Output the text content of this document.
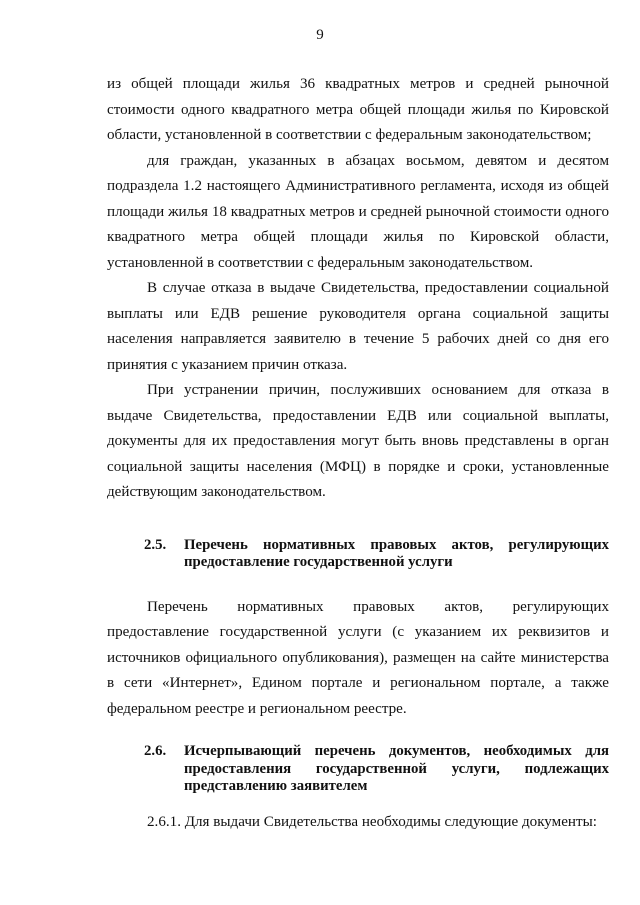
9

из общей площади жилья 36 квадратных метров и средней рыночной стоимости одного квадратного метра общей площади жилья по Кировской области, установленной в соответствии с федеральным законодательством;

для граждан, указанных в абзацах восьмом, девятом и десятом подраздела 1.2 настоящего Административного регламента, исходя из общей площади жилья 18 квадратных метров и средней рыночной стоимости одного квадратного метра общей площади жилья по Кировской области, установленной в соответствии с федеральным законодательством.

В случае отказа в выдаче Свидетельства, предоставлении социальной выплаты или ЕДВ решение руководителя органа социальной защиты населения направляется заявителю в течение 5 рабочих дней со дня его принятия с указанием причин отказа.

При устранении причин, послуживших основанием для отказа в выдаче Свидетельства, предоставлении ЕДВ или социальной выплаты, документы для их предоставления могут быть вновь представлены в орган социальной защиты населения (МФЦ) в порядке и сроки, установленные действующим законодательством.

2.5. Перечень нормативных правовых актов, регулирующих предоставление государственной услуги

Перечень нормативных правовых актов, регулирующих предоставление государственной услуги (с указанием их реквизитов и источников официального опубликования), размещен на сайте министерства в сети «Интернет», Едином портале и региональном портале, а также федеральном реестре и региональном реестре.

2.6. Исчерпывающий перечень документов, необходимых для предоставления государственной услуги, подлежащих представлению заявителем

2.6.1. Для выдачи Свидетельства необходимы следующие документы:
